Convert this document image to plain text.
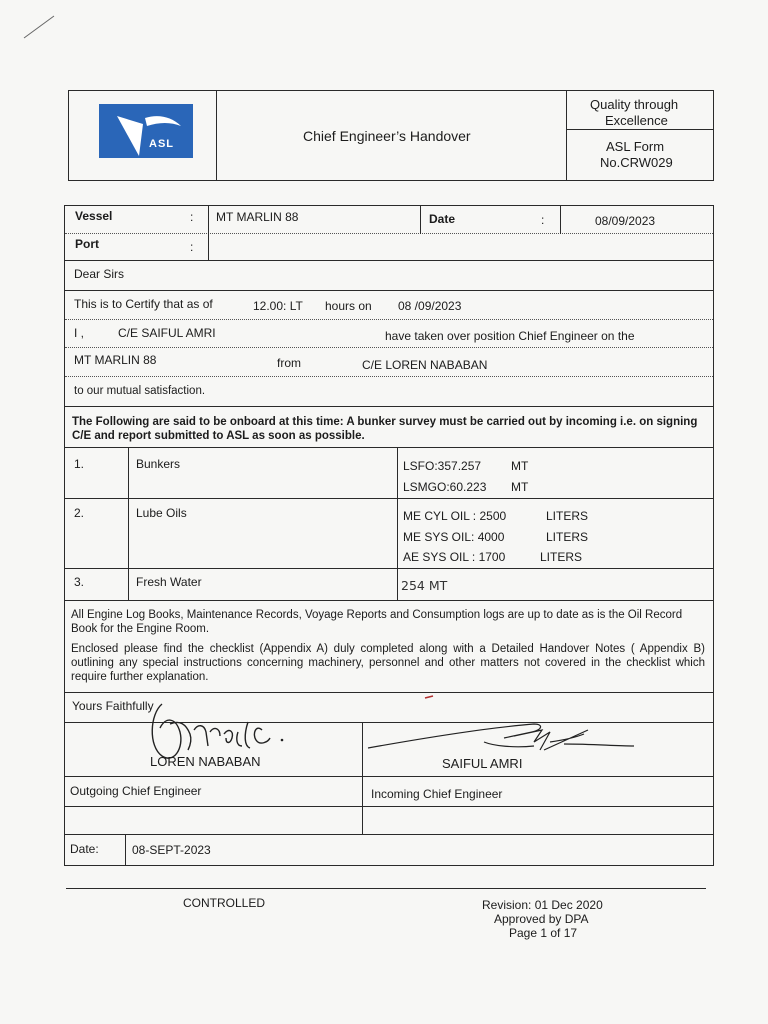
ASL	Chief Engineer’s Handover
Quality through
Excellence
ASL Form
No.CRW029
Vessel	: MT MARLIN 88	Date	:	08/09/2023
Port	:
Dear Sirs
This is to Certify that as of	12.00: LT hours on 08 /09/2023
I ,	C/E SAIFUL AMRI	have taken over position Chief Engineer on the
MT MARLIN 88	from	C/E LOREN NABABAN
to our mutual satisfaction.
The Following are said to be onboard at this time: A bunker survey must be carried out by incoming i.e. on signing C/E and report submitted to ASL as soon as possible.
1.	Bunkers	LSFO:357.257 MT
LSMGO:60.223 MT
2.	Lube Oils	ME CYL OIL : 2500	LITERS
ME SYS OIL: 4000	LITERS
AE SYS OIL : 1700	LITERS
3.	Fresh Water	254 MT
All Engine Log Books, Maintenance Records, Voyage Reports and Consumption logs are up to date as is the Oil Record Book for the Engine Room.
Enclosed please find the checklist (Appendix A) duly completed along with a Detailed Handover Notes ( Appendix B) outlining any special instructions concerning machinery, personnel and other matters not covered in the checklist which require further explanation.
Yours Faithfully
LOREN NABABAN	SAIFUL AMRI
Outgoing Chief Engineer	Incoming Chief Engineer
Date:	08-SEPT-2023
CONTROLLED	Revision: 01 Dec 2020
Approved by DPA
Page 1 of 17
